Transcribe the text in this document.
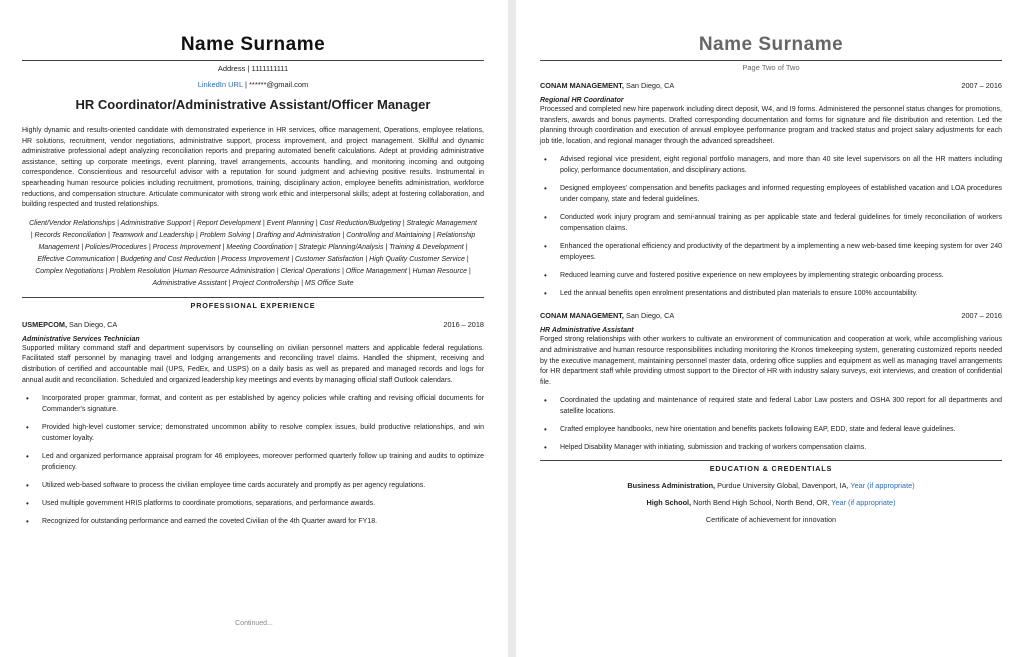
Name Surname
Address | 1111111111
LinkedIn URL | ******@gmail.com
HR Coordinator/Administrative Assistant/Officer Manager
Highly dynamic and results-oriented candidate with demonstrated experience in HR services, office management, Operations, employee relations, HR solutions, recruitment, vendor negotiations, administrative support, process improvement, and project management. Skillful and dynamic administrative professional adept analyzing reconciliation reports and preparing automated benefit calculations. Adept at providing administrative assistance, setting up corporate meetings, event planning, travel arrangements, accounts handling, and monitoring incoming and outgoing correspondence. Conscientious and resourceful advisor with a reputation for sound judgment and achieving positive results. Instrumental in spearheading human resource policies including recruitment, promotions, training, disciplinary action, employee benefits administration, workforce reductions, and compensation structure. Articulate communicator with strong work ethic and interpersonal skills; adept at fostering collaboration, and building respected and trusted relationships.
Client/Vendor Relationships | Administrative Support | Report Development | Event Planning | Cost Reduction/Budgeting | Strategic Management | Records Reconciliation | Teamwork and Leadership | Problem Solving | Drafting and Administration | Controlling and Maintaining | Relationship Management | Policies/Procedures | Process Improvement | Meeting Coordination | Strategic Planning/Analysis | Training & Development | Effective Communication | Budgeting and Cost Reduction | Process Improvement | Customer Satisfaction | High Quality Customer Service | Complex Negotiations | Problem Resolution |Human Resource Administration | Clerical Operations | Office Management | Human Resource | Administrative Assistant | Project Controllership | MS Office Suite
PROFESSIONAL EXPERIENCE
USMEPCOM, San Diego, CA	2016 – 2018
Administrative Services Technician
Supported military command staff and department supervisors by counselling on civilian personnel matters and applicable federal regulations. Facilitated staff personnel by managing travel and lodging arrangements and reconciling travel claims. Handled the shipment, receiving and distribution of certified and accountable mail (UPS, FedEx, and USPS) on a daily basis as well as prepared and managed records and logs for annual audit and reconciliation. Scheduled and organized leadership key meetings and events by managing official staff Outlook calendars.
• Incorporated proper grammar, format, and content as per established by agency policies while crafting and revising official documents for Commander's signature.
• Provided high-level customer service; demonstrated uncommon ability to resolve complex issues, build productive relationships, and win customer loyalty.
• Led and organized performance appraisal program for 46 employees, moreover performed quarterly follow up training and audits to optimize proficiency.
• Utilized web-based software to process the civilian employee time cards accurately and promptly as per agency regulations.
• Used multiple government HRIS platforms to coordinate promotions, separations, and performance awards.
• Recognized for outstanding performance and earned the coveted Civilian of the 4th Quarter award for FY18.
Continued...
Name Surname
Page Two of Two
CONAM MANAGEMENT, San Diego, CA	2007 – 2016
Regional HR Coordinator
Processed and completed new hire paperwork including direct deposit, W4, and I9 forms. Administered the personnel status changes for promotions, transfers, awards and bonus payments. Drafted corresponding documentation and forms for signature and file distribution and retention. Led the planning through coordination and execution of annual employee performance program and tracked status and project salary adjustments for each job title, location, and regional manager through the advanced spreadsheet.
• Advised regional vice president, eight regional portfolio managers, and more than 40 site level supervisors on all the HR matters including policy, performance documentation, and disciplinary actions.
• Designed employees' compensation and benefits packages and informed requesting employees of established vacation and LOA procedures under company, state and federal guidelines.
• Conducted work injury program and semi-annual training as per applicable state and federal guidelines for timely reconciliation of workers compensation claims.
• Enhanced the operational efficiency and productivity of the department by a implementing a new web-based time keeping system for over 240 employees.
• Reduced learning curve and fostered positive experience on new employees by implementing strategic onboarding process.
• Led the annual benefits open enrolment presentations and distributed plan materials to ensure 100% accountability.
CONAM MANAGEMENT, San Diego, CA	2007 – 2016
HR Administrative Assistant
Forged strong relationships with other workers to cultivate an environment of communication and cooperation at work, while accomplishing various and administrative and human resource responsibilities including monitoring the Kronos timekeeping system, generating customized reports needed by the executive management, maintaining personnel master data, ordering office supplies and equipment as well as managing travel arrangements for HR department staff while providing utmost support to the Director of HR with industry salary surveys, exit interviews, and creation of confidential file.
• Coordinated the updating and maintenance of required state and federal Labor Law posters and OSHA 300 report for all departments and satellite locations.
• Crafted employee handbooks, new hire orientation and benefits packets following EAP, EDD, state and federal leave guidelines.
• Helped Disability Manager with initiating, submission and tracking of workers compensation claims.
EDUCATION & CREDENTIALS
Business Administration, Purdue University Global, Davenport, IA, Year (if appropriate)
High School, North Bend High School, North Bend, OR, Year (if appropriate)
Certificate of achievement for innovation
